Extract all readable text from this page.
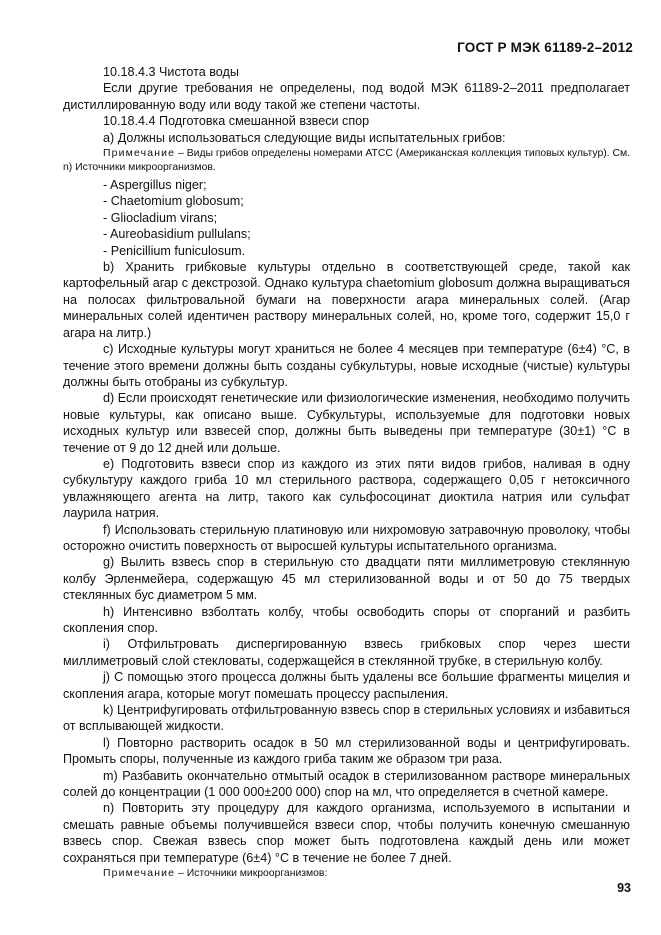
ГОСТ Р МЭК 61189-2–2012

10.18.4.3 Чистота воды

Если другие требования не определены, под водой МЭК 61189-2–2011 предполагает дистиллированную воду или воду такой же степени частоты.

10.18.4.4 Подготовка смешанной взвеси спор

a) Должны использоваться следующие виды испытательных грибов:

Примечание – Виды грибов определены номерами АТСС (Американская коллекция типовых культур). См. n) Источники микроорганизмов.

- Aspergillus niger;

- Chaetomium globosum;

- Gliocladium virans;

- Aureobasidium pullulans;

- Penicillium funiculosum.

b) Хранить грибковые культуры отдельно в соответствующей среде, такой как картофельный агар с декстрозой. Однако культура chaetomium globosum должна выращиваться на полосах фильтровальной бумаги на поверхности агара минеральных солей. (Агар минеральных солей идентичен раствору минеральных солей, но, кроме того, содержит 15,0 г агара на литр.)

c) Исходные культуры могут храниться не более 4 месяцев при температуре (6±4) °С, в течение этого времени должны быть созданы субкультуры, новые исходные (чистые) культуры должны быть отобраны из субкультур.

d) Если происходят генетические или физиологические изменения, необходимо получить новые культуры, как описано выше. Субкультуры, используемые для подготовки новых исходных культур или взвесей спор, должны быть выведены при температуре (30±1) °С в течение от 9 до 12 дней или дольше.

e) Подготовить взвеси спор из каждого из этих пяти видов грибов, наливая в одну субкультуру каждого гриба 10 мл стерильного раствора, содержащего 0,05 г нетоксичного увлажняющего агента на литр, такого как сульфосоцинат диоктила натрия или сульфат лаурила натрия.

f) Использовать стерильную платиновую или нихромовую затравочную проволоку, чтобы осторожно очистить поверхность от выросшей культуры испытательного организма.

g) Вылить взвесь спор в стерильную сто двадцати пяти миллиметровую стеклянную колбу Эрленмейера, содержащую 45 мл стерилизованной воды и от 50 до 75 твердых стеклянных бус диаметром 5 мм.

h) Интенсивно взболтать колбу, чтобы освободить споры от спорганий и разбить скопления спор.

i) Отфильтровать диспергированную взвесь грибковых спор через шести миллиметровый слой стекловаты, содержащейся в стеклянной трубке, в стерильную колбу.

j) С помощью этого процесса должны быть удалены все большие фрагменты мицелия и скопления агара, которые могут помешать процессу распыления.

k) Центрифугировать отфильтрованную взвесь спор в стерильных условиях и избавиться от всплывающей жидкости.

l) Повторно растворить осадок в 50 мл стерилизованной воды и центрифугировать. Промыть споры, полученные из каждого гриба таким же образом три раза.

m) Разбавить окончательно отмытый осадок в стерилизованном растворе минеральных солей до концентрации (1 000 000±200 000) спор на мл, что определяется в счетной камере.

n) Повторить эту процедуру для каждого организма, используемого в испытании и смешать равные объемы получившейся взвеси спор, чтобы получить конечную смешанную взвесь спор. Свежая взвесь спор может быть подготовлена каждый день или может сохраняться при температуре (6±4) °С в течение не более 7 дней.

Примечание – Источники микроорганизмов:

93
